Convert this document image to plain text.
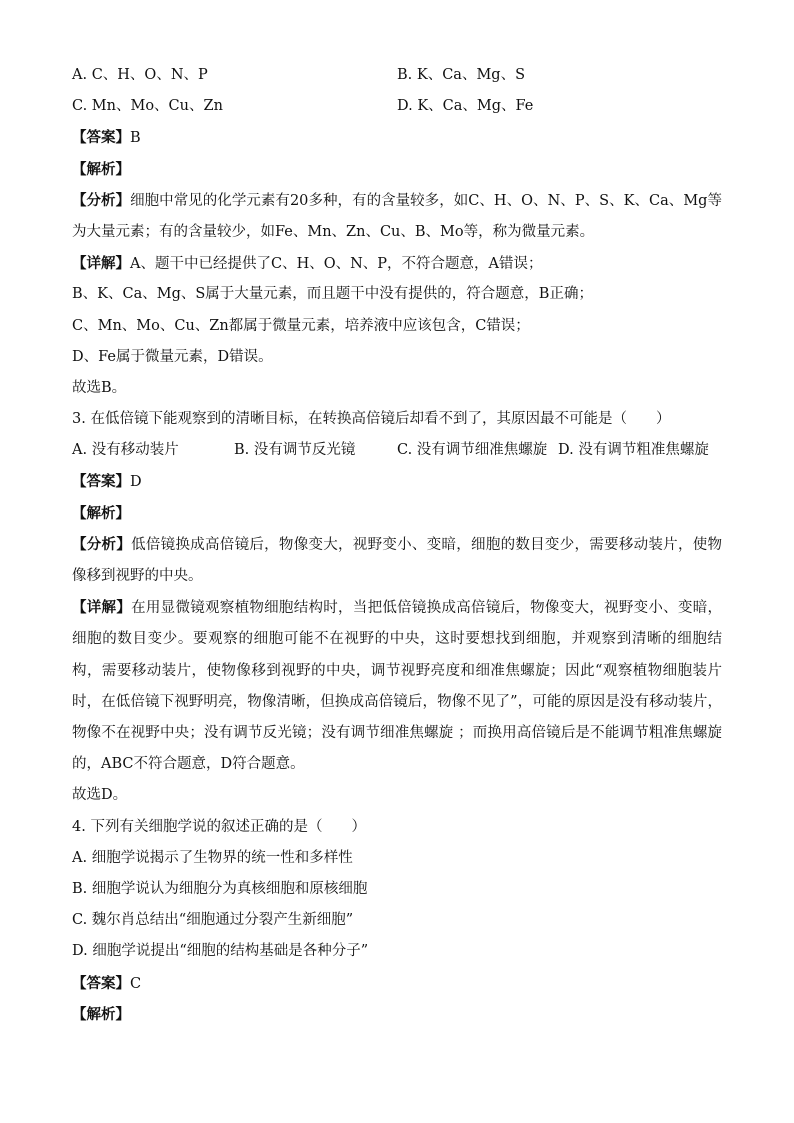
A. C、H、O、N、P	B. K、Ca、Mg、S
C. Mn、Mo、Cu、Zn	D. K、Ca、Mg、Fe
【答案】B
【解析】
【分析】细胞中常见的化学元素有20多种，有的含量较多，如C、H、O、N、P、S、K、Ca、Mg等为大量元素；有的含量较少，如Fe、Mn、Zn、Cu、B、Mo等，称为微量元素。
【详解】A、题干中已经提供了C、H、O、N、P，不符合题意，A错误；
B、K、Ca、Mg、S属于大量元素，而且题干中没有提供的，符合题意，B正确；
C、Mn、Mo、Cu、Zn都属于微量元素，培养液中应该包含，C错误；
D、Fe属于微量元素，D错误。
故选B。
3. 在低倍镜下能观察到的清晰目标，在转换高倍镜后却看不到了，其原因最不可能是（　　）
A. 没有移动装片	B. 没有调节反光镜	C. 没有调节细准焦螺旋 D. 没有调节粗准焦螺旋
【答案】D
【解析】
【分析】低倍镜换成高倍镜后，物像变大，视野变小、变暗，细胞的数目变少，需要移动装片，使物像移到视野的中央。
【详解】在用显微镜观察植物细胞结构时，当把低倍镜换成高倍镜后，物像变大，视野变小、变暗，细胞的数目变少。要观察的细胞可能不在视野的中央，这时要想找到细胞，并观察到清晰的细胞结构，需要移动装片，使物像移到视野的中央，调节视野亮度和细准焦螺旋；因此“观察植物细胞装片时，在低倍镜下视野明亮，物像清晰，但换成高倍镜后，物像不见了”，可能的原因是没有移动装片，物像不在视野中央；没有调节反光镜；没有调节细准焦螺旋 ；而换用高倍镜后是不能调节粗准焦螺旋的，ABC不符合题意，D符合题意。
故选D。
4. 下列有关细胞学说的叙述正确的是（　　）
A. 细胞学说揭示了生物界的统一性和多样性
B. 细胞学说认为细胞分为真核细胞和原核细胞
C. 魏尔肖总结出“细胞通过分裂产生新细胞”
D. 细胞学说提出“细胞的结构基础是各种分子”
【答案】C
【解析】
